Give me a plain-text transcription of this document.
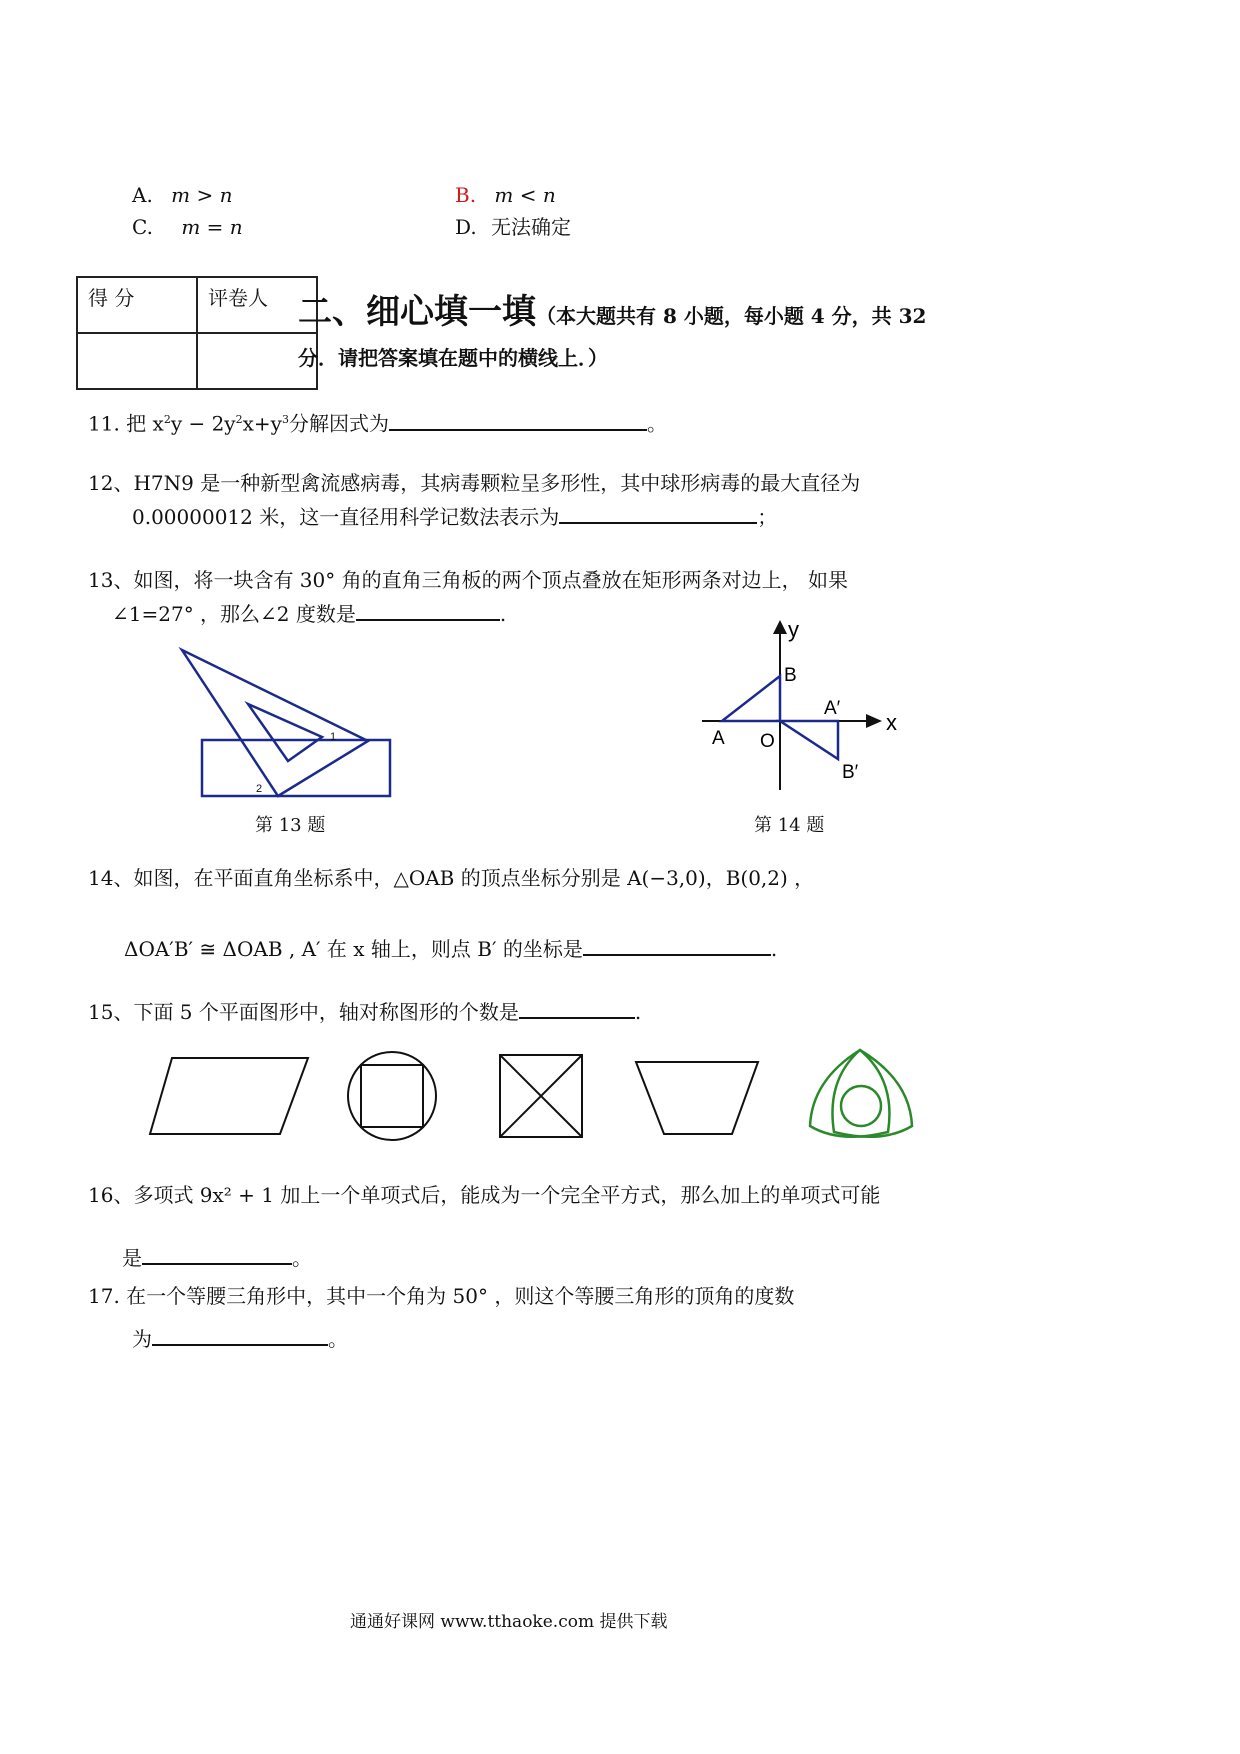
A. m > n	B. m < n
C. m = n	D. 无法确定
得 分	评卷人
	二、细心填一填（本大题共有 8 小题，每小题 4 分，共 32
分．请把答案填在题中的横线上．）
11. 把 $x^2y - 2y^2x+y^3$分解因式为	。
12、H7N9 是一种新型禽流感病毒，其病毒颗粒呈多形性，其中球形病毒的最大直径为
0.00000012 米，这一直径用科学记数法表示为	；
13、如图，将一块含有 30° 角的直角三角板的两个顶点叠放在矩形两条对边上， 如果
∠1=27° ，那么∠2 度数是	.
1
2
第 13 题
y
x
A O
B
A′
B′
第 14 题
14、如图，在平面直角坐标系中，△OAB 的顶点坐标分别是 A(−3,0)，B(0,2) ，
ΔOA′B′ ≅ ΔOAB , A′ 在 x 轴上，则点 B′ 的坐标是	.
15、下面 5 个平面图形中，轴对称图形的个数是	.
16、多项式 9x² + 1 加上一个单项式后，能成为一个完全平方式，那么加上的单项式可能
是	。
17. 在一个等腰三角形中，其中一个角为 50° ，则这个等腰三角形的顶角的度数
为	。
通通好课网 www.tthaoke.com 提供下载
